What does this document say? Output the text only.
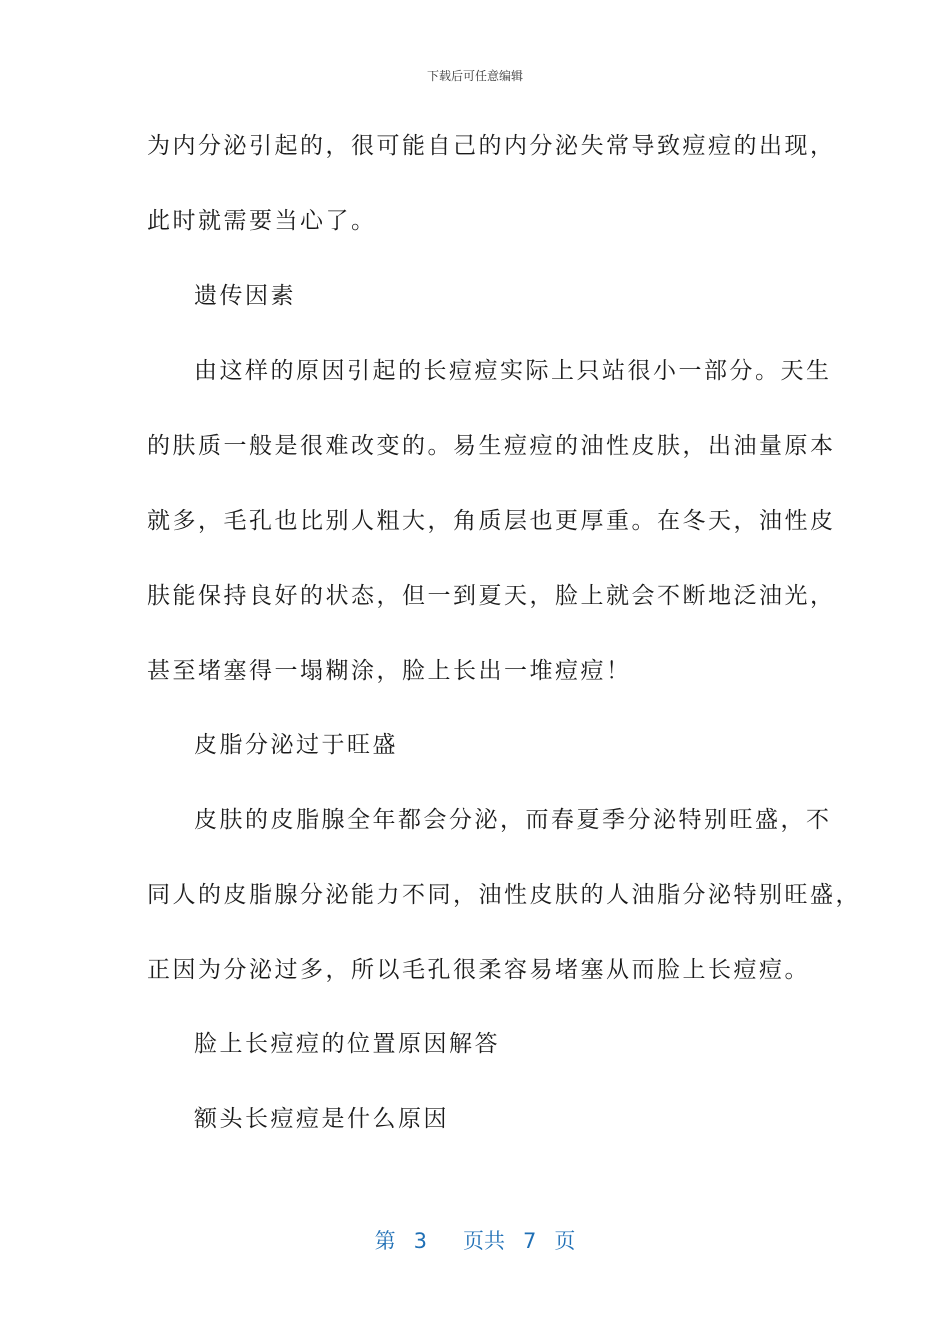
下载后可任意编辑
为内分泌引起的，很可能自己的内分泌失常导致痘痘的出现，
此时就需要当心了。
遗传因素
由这样的原因引起的长痘痘实际上只站很小一部分。天生
的肤质一般是很难改变的。易生痘痘的油性皮肤，出油量原本
就多，毛孔也比别人粗大，角质层也更厚重。在冬天，油性皮
肤能保持良好的状态，但一到夏天，脸上就会不断地泛油光，
甚至堵塞得一塌糊涂，脸上长出一堆痘痘！
皮脂分泌过于旺盛
皮肤的皮脂腺全年都会分泌，而春夏季分泌特别旺盛，不
同人的皮脂腺分泌能力不同，油性皮肤的人油脂分泌特别旺盛，
正因为分泌过多，所以毛孔很柔容易堵塞从而脸上长痘痘。
脸上长痘痘的位置原因解答
额头长痘痘是什么原因
第 3 页共 7 页
